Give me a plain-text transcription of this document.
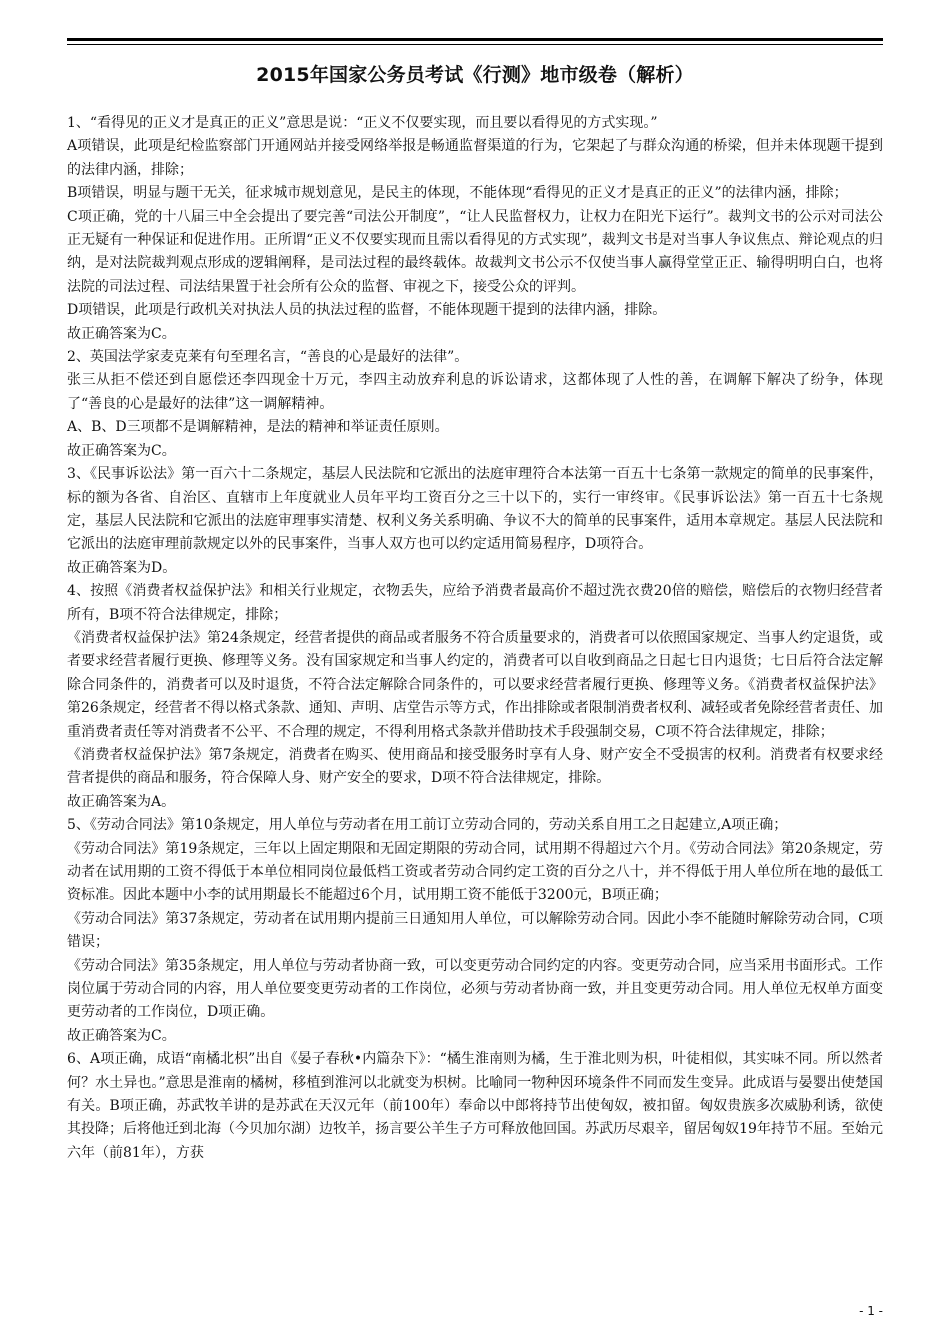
2015年国家公务员考试《行测》地市级卷（解析）

1、“看得见的正义才是真正的正义”意思是说：“正义不仅要实现，而且要以看得见的方式实现。”

A项错误，此项是纪检监察部门开通网站并接受网络举报是畅通监督渠道的行为，它架起了与群众沟通的桥梁，但并未体现题干提到的法律内涵，排除；

B项错误，明显与题干无关，征求城市规划意见，是民主的体现，不能体现“看得见的正义才是真正的正义”的法律内涵，排除；

C项正确，党的十八届三中全会提出了要完善“司法公开制度”，“让人民监督权力，让权力在阳光下运行”。裁判文书的公示对司法公正无疑有一种保证和促进作用。正所谓“正义不仅要实现而且需以看得见的方式实现”，裁判文书是对当事人争议焦点、辩论观点的归纳，是对法院裁判观点形成的逻辑阐释，是司法过程的最终载体。故裁判文书公示不仅使当事人赢得堂堂正正、输得明明白白，也将法院的司法过程、司法结果置于社会所有公众的监督、审视之下，接受公众的评判。

D项错误，此项是行政机关对执法人员的执法过程的监督，不能体现题干提到的法律内涵，排除。

故正确答案为C。

2、英国法学家麦克莱有句至理名言，“善良的心是最好的法律”。

张三从拒不偿还到自愿偿还李四现金十万元，李四主动放弃利息的诉讼请求，这都体现了人性的善，在调解下解决了纷争，体现了“善良的心是最好的法律”这一调解精神。

A、B、D三项都不是调解精神，是法的精神和举证责任原则。

故正确答案为C。

3、《民事诉讼法》第一百六十二条规定，基层人民法院和它派出的法庭审理符合本法第一百五十七条第一款规定的简单的民事案件，标的额为各省、自治区、直辖市上年度就业人员年平均工资百分之三十以下的，实行一审终审。《民事诉讼法》第一百五十七条规定，基层人民法院和它派出的法庭审理事实清楚、权利义务关系明确、争议不大的简单的民事案件，适用本章规定。基层人民法院和它派出的法庭审理前款规定以外的民事案件，当事人双方也可以约定适用简易程序，D项符合。

故正确答案为D。

4、按照《消费者权益保护法》和相关行业规定，衣物丢失，应给予消费者最高价不超过洗衣费20倍的赔偿，赔偿后的衣物归经营者所有，B项不符合法律规定，排除；

《消费者权益保护法》第24条规定，经营者提供的商品或者服务不符合质量要求的，消费者可以依照国家规定、当事人约定退货，或者要求经营者履行更换、修理等义务。没有国家规定和当事人约定的，消费者可以自收到商品之日起七日内退货；七日后符合法定解除合同条件的，消费者可以及时退货，不符合法定解除合同条件的，可以要求经营者履行更换、修理等义务。《消费者权益保护法》第26条规定，经营者不得以格式条款、通知、声明、店堂告示等方式，作出排除或者限制消费者权利、减轻或者免除经营者责任、加重消费者责任等对消费者不公平、不合理的规定，不得利用格式条款并借助技术手段强制交易，C项不符合法律规定，排除；

《消费者权益保护法》第7条规定，消费者在购买、使用商品和接受服务时享有人身、财产安全不受损害的权利。消费者有权要求经营者提供的商品和服务，符合保障人身、财产安全的要求，D项不符合法律规定，排除。

故正确答案为A。

5、《劳动合同法》第10条规定，用人单位与劳动者在用工前订立劳动合同的，劳动关系自用工之日起建立,A项正确；

《劳动合同法》第19条规定，三年以上固定期限和无固定期限的劳动合同，试用期不得超过六个月。《劳动合同法》第20条规定，劳动者在试用期的工资不得低于本单位相同岗位最低档工资或者劳动合同约定工资的百分之八十，并不得低于用人单位所在地的最低工资标准。因此本题中小李的试用期最长不能超过6个月，试用期工资不能低于3200元，B项正确；

《劳动合同法》第37条规定，劳动者在试用期内提前三日通知用人单位，可以解除劳动合同。因此小李不能随时解除劳动合同，C项错误；

《劳动合同法》第35条规定，用人单位与劳动者协商一致，可以变更劳动合同约定的内容。变更劳动合同，应当采用书面形式。工作岗位属于劳动合同的内容，用人单位要变更劳动者的工作岗位，必须与劳动者协商一致，并且变更劳动合同。用人单位无权单方面变更劳动者的工作岗位，D项正确。

故正确答案为C。

6、A项正确，成语“南橘北枳”出自《晏子春秋•内篇杂下》：“橘生淮南则为橘，生于淮北则为枳，叶徒相似，其实味不同。所以然者何？水土异也。”意思是淮南的橘树，移植到淮河以北就变为枳树。比喻同一物种因环境条件不同而发生变异。此成语与晏婴出使楚国有关。B项正确，苏武牧羊讲的是苏武在天汉元年（前100年）奉命以中郎将持节出使匈奴，被扣留。匈奴贵族多次威胁利诱，欲使其投降；后将他迁到北海（今贝加尔湖）边牧羊，扬言要公羊生子方可释放他回国。苏武历尽艰辛，留居匈奴19年持节不屈。至始元六年（前81年），方获

- 1 -
